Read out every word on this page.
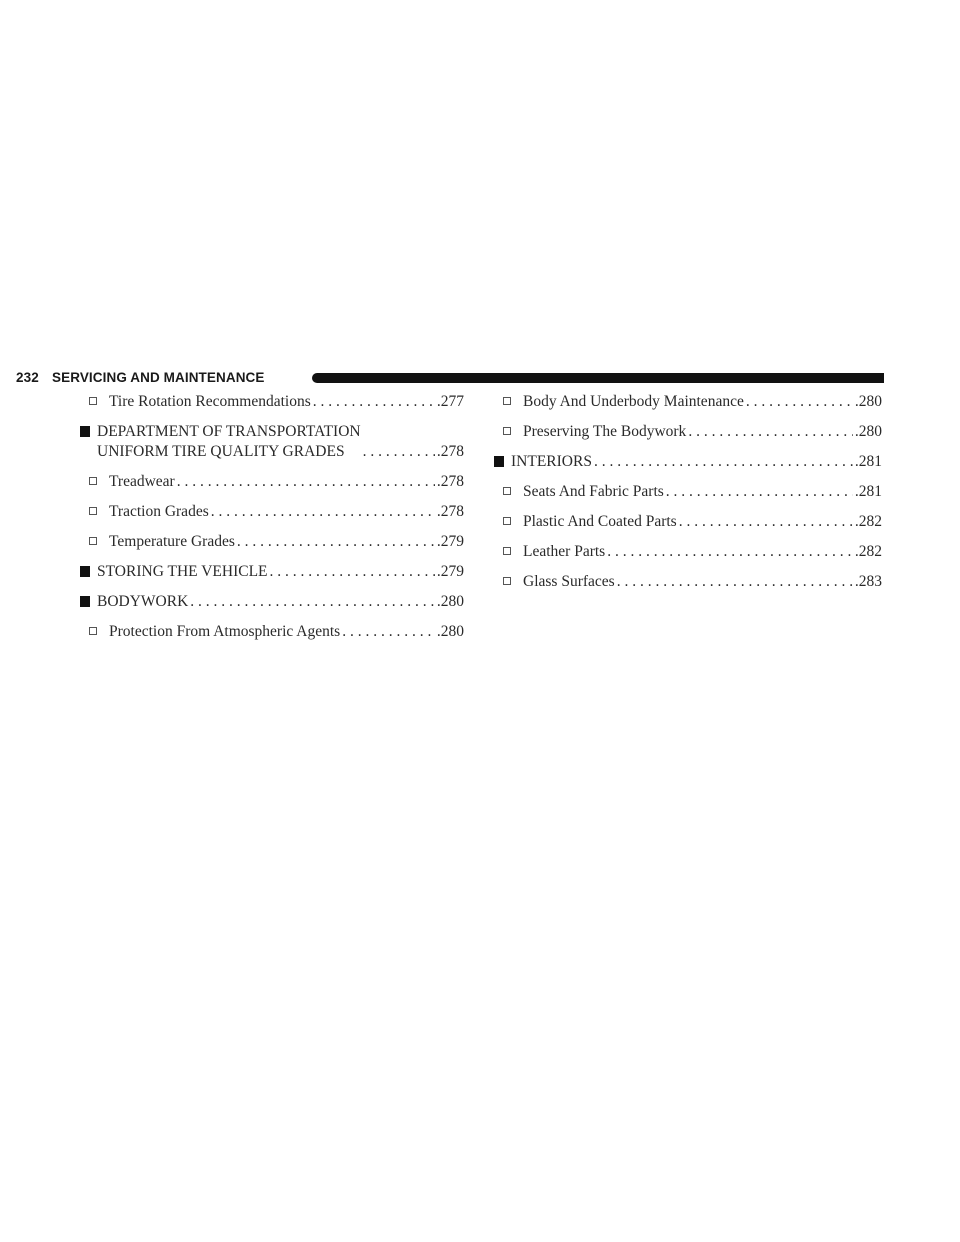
232 SERVICING AND MAINTENANCE
Tire Rotation Recommendations . . .	.277
DEPARTMENT OF TRANSPORTATION
UNIFORM TIRE QUALITY GRADES . . .	.278
Treadwear . . .	.278
Traction Grades . . .	.278
Temperature Grades . . .	.279
STORING THE VEHICLE . . .	.279
BODYWORK . . .	.280
Protection From Atmospheric Agents . . .	.280
Body And Underbody Maintenance . . .	.280
Preserving The Bodywork . . .	.280
INTERIORS . . .	.281
Seats And Fabric Parts . . .	.281
Plastic And Coated Parts . . .	.282
Leather Parts . . .	.282
Glass Surfaces . . .	.283
